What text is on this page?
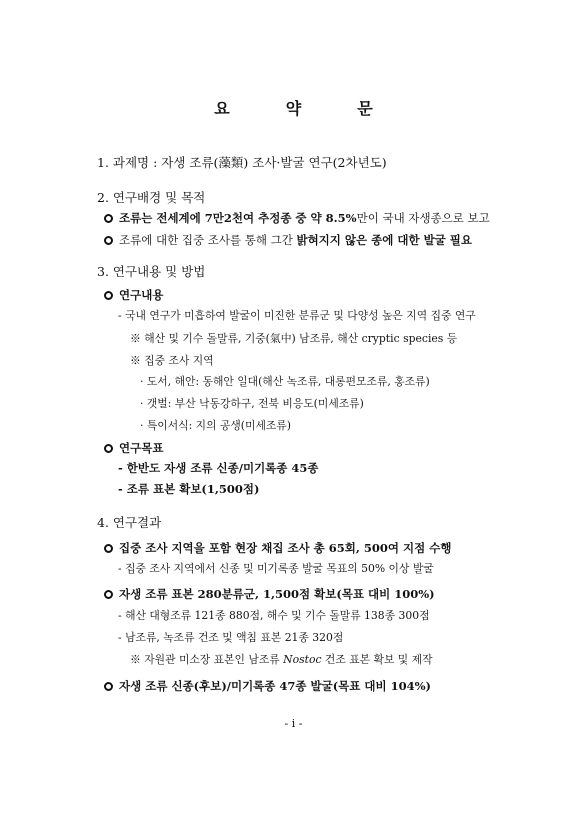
요	약	문
1. 과제명 : 자생 조류(藻類) 조사·발굴 연구(2차년도)
2. 연구배경 및 목적
조류는 전세계에 7만2천여 추정종 중 약 8.5%만이 국내 자생종으로 보고
조류에 대한 집중 조사를 통해 그간 밝혀지지 않은 종에 대한 발굴 필요
3. 연구내용 및 방법
연구내용
- 국내 연구가 미흡하여 발굴이 미진한 분류군 및 다양성 높은 지역 집중 연구
※ 해산 및 기수 돌말류, 기중(氣中) 남조류, 해산 cryptic species 등
※ 집중 조사 지역
· 도서, 해안: 동해안 일대(해산 녹조류, 대롱편모조류, 홍조류)
· 갯벌: 부산 낙동강하구, 전북 비응도(미세조류)
· 특이서식: 지의 공생(미세조류)
연구목표
- 한반도 자생 조류 신종/미기록종 45종
- 조류 표본 확보(1,500점)
4. 연구결과
집중 조사 지역을 포함 현장 채집 조사 총 65회, 500여 지점 수행
- 집중 조사 지역에서 신종 및 미기록종 발굴 목표의 50% 이상 발굴
자생 조류 표본 280분류군, 1,500점 확보(목표 대비 100%)
- 해산 대형조류 121종 880점, 해수 및 기수 돌말류 138종 300점
- 남조류, 녹조류 건조 및 액침 표본 21종 320점
※ 자원관 미소장 표본인 남조류 Nostoc 건조 표본 확보 및 제작
자생 조류 신종(후보)/미기록종 47종 발굴(목표 대비 104%)
- i -
